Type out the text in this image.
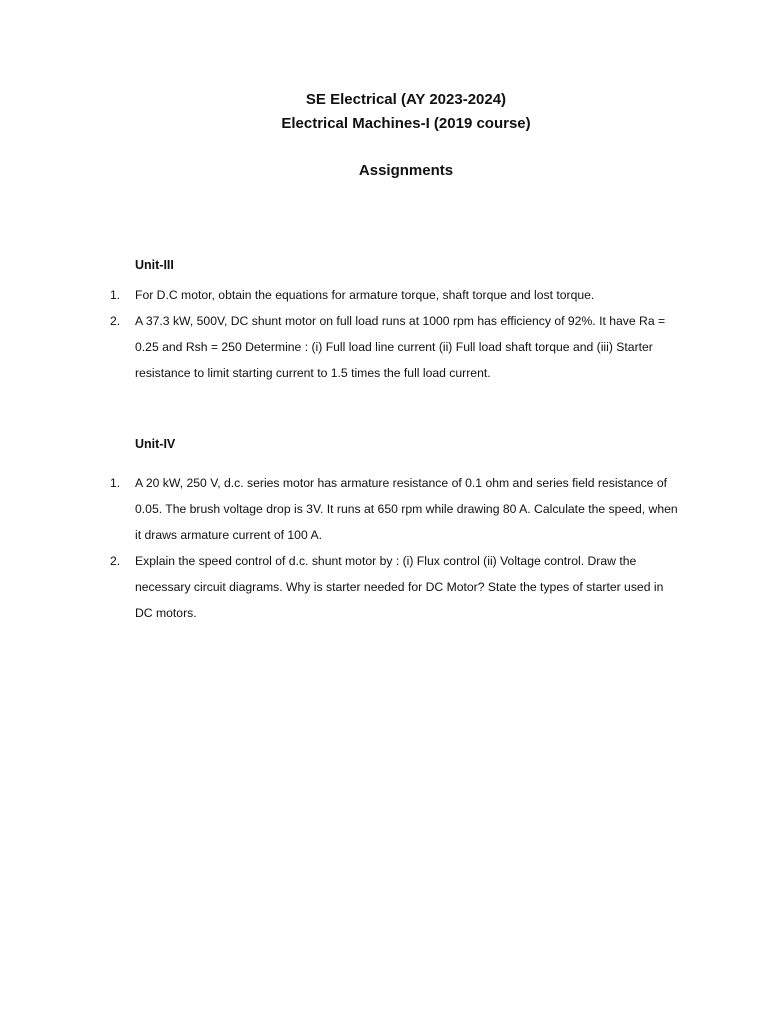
SE Electrical (AY 2023-2024)
Electrical Machines-I (2019 course)
Assignments
Unit-III
1. For D.C motor, obtain the equations for armature torque, shaft torque and lost torque.
2. A 37.3 kW, 500V, DC shunt motor on full load runs at 1000 rpm has efficiency of 92%. It have Ra = 0.25 and Rsh = 250 Determine : (i) Full load line current (ii) Full load shaft torque and (iii) Starter resistance to limit starting current to 1.5 times the full load current.
Unit-IV
1. A 20 kW, 250 V, d.c. series motor has armature resistance of 0.1 ohm and series field resistance of 0.05. The brush voltage drop is 3V. It runs at 650 rpm while drawing 80 A. Calculate the speed, when it draws armature current of 100 A.
2. Explain the speed control of d.c. shunt motor by : (i) Flux control (ii) Voltage control. Draw the necessary circuit diagrams. Why is starter needed for DC Motor? State the types of starter used in DC motors.
